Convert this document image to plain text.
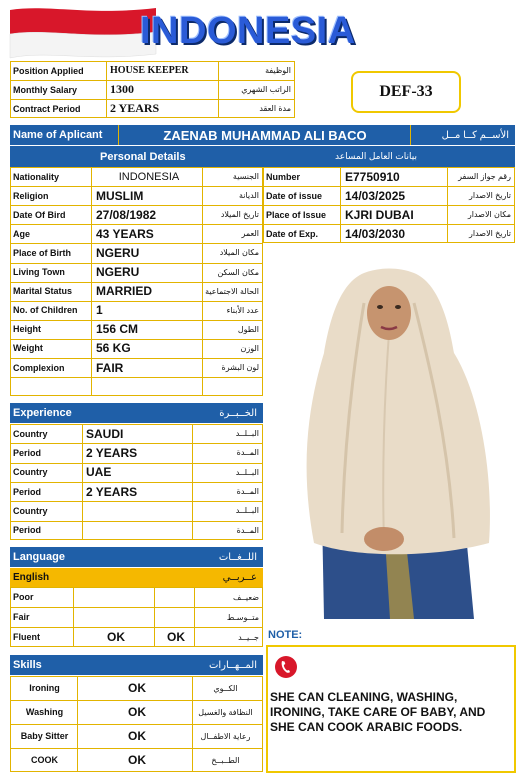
INDONESIA
Position Applied	HOUSE KEEPER	الوظيفة
Monthly Salary	1300	الراتب الشهري
Contract Period	2 YEARS	مدة العقد
DEF-33
Name of Aplicant	ZAENAB MUHAMMAD ALI BACO	الأســم كــا مــل
Personal Details	بيانات العامل المساعد
Nationality	INDONESIA	الجنسية
Religion	MUSLIM	الديانة
Date Of Bird	27/08/1982	تاريخ الميلاد
Age	43 YEARS	العمر
Place of Birth	NGERU	مكان الميلاد
Living Town	NGERU	مكان السكن
Marital Status	MARRIED	الحالة الاجتماعية
No. of Children	1	عدد الأبناء
Height	156 CM	الطول
Weight	56 KG	الوزن
Complexion	FAIR	لون البشرة
Number	E7750910	رقم جواز السفر
Date of issue	14/03/2025	تاريخ الاصدار
Place of Issue	KJRI DUBAI	مكان الاصدار
Date of Exp.	14/03/2030	تاريخ الاصدار
Experience	الخــبــرة
Country	SAUDI	البــلــد
Period	2 YEARS	المــدة
Country	UAE	البــلــد
Period	2 YEARS	المــدة
Country	البــلــد
Period	المــدة
Language	اللــغــات
English	عــربــي
Poor	ضعيــف
Fair	متــوسـط
Fluent	OK	OK	جــيــد
Skills	المــهــارات
Ironing	OK	الكــوي
Washing	OK	النظافة والغسيل
Baby Sitter	OK	رعاية الاطفــال
COOK	OK	الطــبــخ
NOTE:
SHE CAN CLEANING, WASHING, IRONING, TAKE CARE OF BABY, AND SHE CAN COOK ARABIC FOODS.
